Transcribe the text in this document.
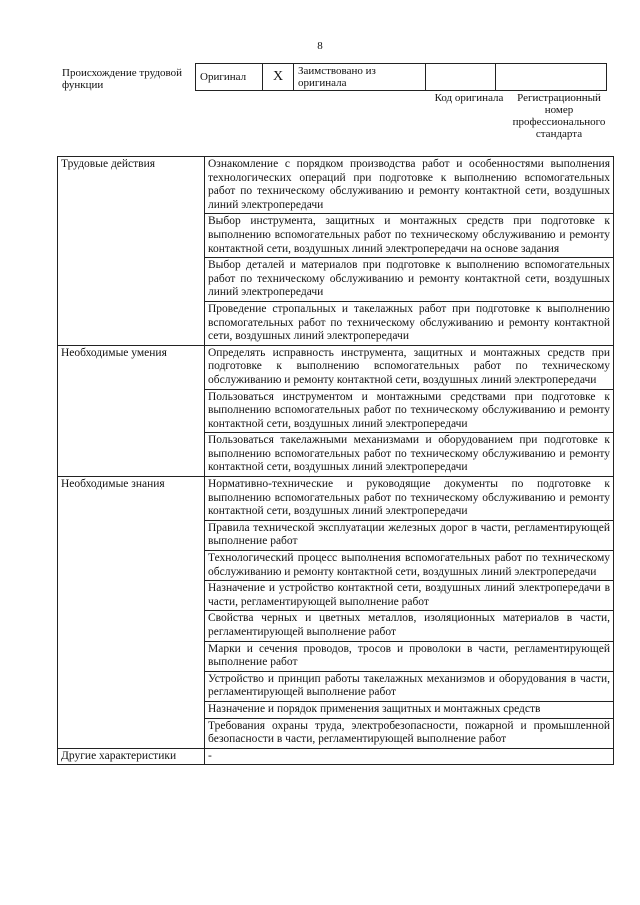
8
Происхождение трудовой функции
Оригинал	X	Заимствовано из оригинала		
Код оригинала	Регистрационный номер профессионального стандарта
Трудовые действия	Ознакомление с порядком производства работ и особенностями выполнения технологических операций при подготовке к выполнению вспомогательных работ по техническому обслуживанию и ремонту контактной сети, воздушных линий электропередачи
	Выбор инструмента, защитных и монтажных средств при подготовке к выполнению вспомогательных работ по техническому обслуживанию и ремонту контактной сети, воздушных линий электропередачи на основе задания
	Выбор деталей и материалов при подготовке к выполнению вспомогательных работ по техническому обслуживанию и ремонту контактной сети, воздушных линий электропередачи
	Проведение стропальных и такелажных работ при подготовке к выполнению вспомогательных работ по техническому обслуживанию и ремонту контактной сети, воздушных линий электропередачи
Необходимые умения	Определять исправность инструмента, защитных и монтажных средств при подготовке к выполнению вспомогательных работ по техническому обслуживанию и ремонту контактной сети, воздушных линий электропередачи
	Пользоваться инструментом и монтажными средствами при подготовке к выполнению вспомогательных работ по техническому обслуживанию и ремонту контактной сети, воздушных линий электропередачи
	Пользоваться такелажными механизмами и оборудованием при подготовке к выполнению вспомогательных работ по техническому обслуживанию и ремонту контактной сети, воздушных линий электропередачи
Необходимые знания	Нормативно-технические и руководящие документы по подготовке к выполнению вспомогательных работ по техническому обслуживанию и ремонту контактной сети, воздушных линий электропередачи
	Правила технической эксплуатации железных дорог в части, регламентирующей выполнение работ
	Технологический процесс выполнения вспомогательных работ по техническому обслуживанию и ремонту контактной сети, воздушных линий электропередачи
	Назначение и устройство контактной сети, воздушных линий электропередачи в части, регламентирующей выполнение работ
	Свойства черных и цветных металлов, изоляционных материалов в части, регламентирующей выполнение работ
	Марки и сечения проводов, тросов и проволоки в части, регламентирующей выполнение работ
	Устройство и принцип работы такелажных механизмов и оборудования в части, регламентирующей выполнение работ
	Назначение и порядок применения защитных и монтажных средств
	Требования охраны труда, электробезопасности, пожарной и промышленной безопасности в части, регламентирующей выполнение работ
Другие характеристики	-
